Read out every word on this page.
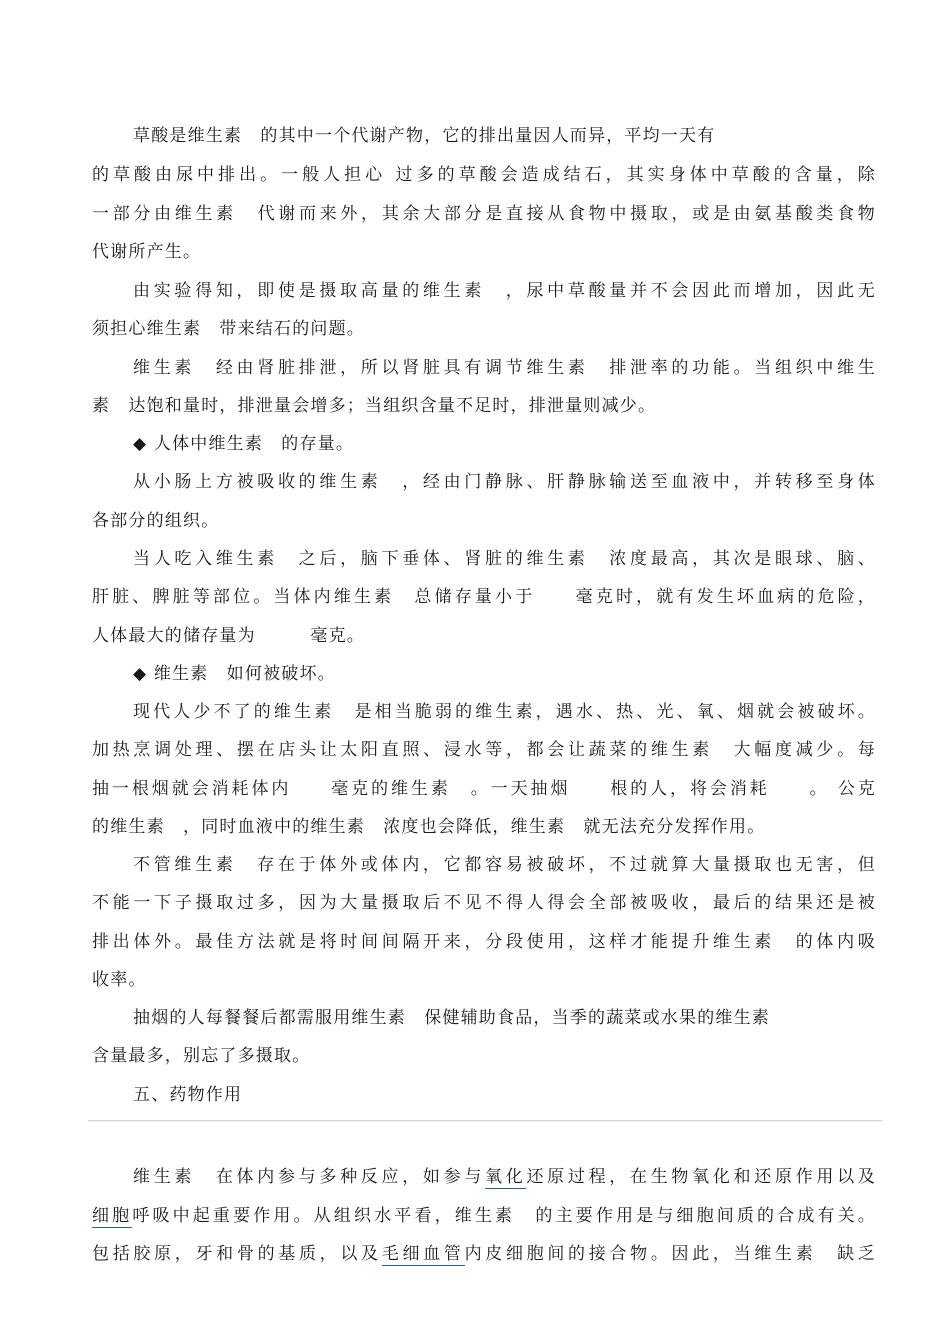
草酸是维生素　的其中一个代谢产物，它的排出量因人而异，平均一天有
的草酸由尿中排出。一般人担心 过多的草酸会造成结石，其实身体中草酸的含量，除
一部分由维生素　代谢而来外，其余大部分是直接从食物中摄取，或是由氨基酸类食物
代谢所产生。
由实验得知，即使是摄取高量的维生素　，尿中草酸量并不会因此而增加，因此无
须担心维生素　带来结石的问题。
维生素　经由肾脏排泄，所以肾脏具有调节维生素　排泄率的功能。当组织中维生
素　达饱和量时，排泄量会增多；当组织含量不足时，排泄量则减少。
◆ 人体中维生素　的存量。
从小肠上方被吸收的维生素　，经由门静脉、肝静脉输送至血液中，并转移至身体
各部分的组织。
当人吃入维生素　之后，脑下垂体、肾脏的维生素　浓度最高，其次是眼球、脑、
肝脏、脾脏等部位。当体内维生素　总储存量小于　　毫克时，就有发生坏血病的危险，
人体最大的储存量为　　　毫克。
◆ 维生素　如何被破坏。
现代人少不了的维生素　是相当脆弱的维生素，遇水、热、光、氧、烟就会被破坏。
加热烹调处理、摆在店头让太阳直照、浸水等，都会让蔬菜的维生素　大幅度减少。每
抽一根烟就会消耗体内　　毫克的维生素　。一天抽烟　　根的人，将会消耗　　。 公克
的维生素　，同时血液中的维生素　浓度也会降低，维生素　就无法充分发挥作用。
不管维生素　存在于体外或体内，它都容易被破坏，不过就算大量摄取也无害，但
不能一下子摄取过多，因为大量摄取后不见不得人得会全部被吸收，最后的结果还是被
排出体外。最佳方法就是将时间间隔开来，分段使用，这样才能提升维生素　的体内吸
收率。
抽烟的人每餐餐后都需服用维生素　保健辅助食品，当季的蔬菜或水果的维生素
含量最多，别忘了多摄取。
五、药物作用
维生素　在体内参与多种反应，如参与氧化还原过程，在生物氧化和还原作用以及
细胞呼吸中起重要作用。从组织水平看，维生素　的主要作用是与细胞间质的合成有关。
包括胶原，牙和骨的基质，以及毛细血管内皮细胞间的接合物。因此，当维生素　缺乏
